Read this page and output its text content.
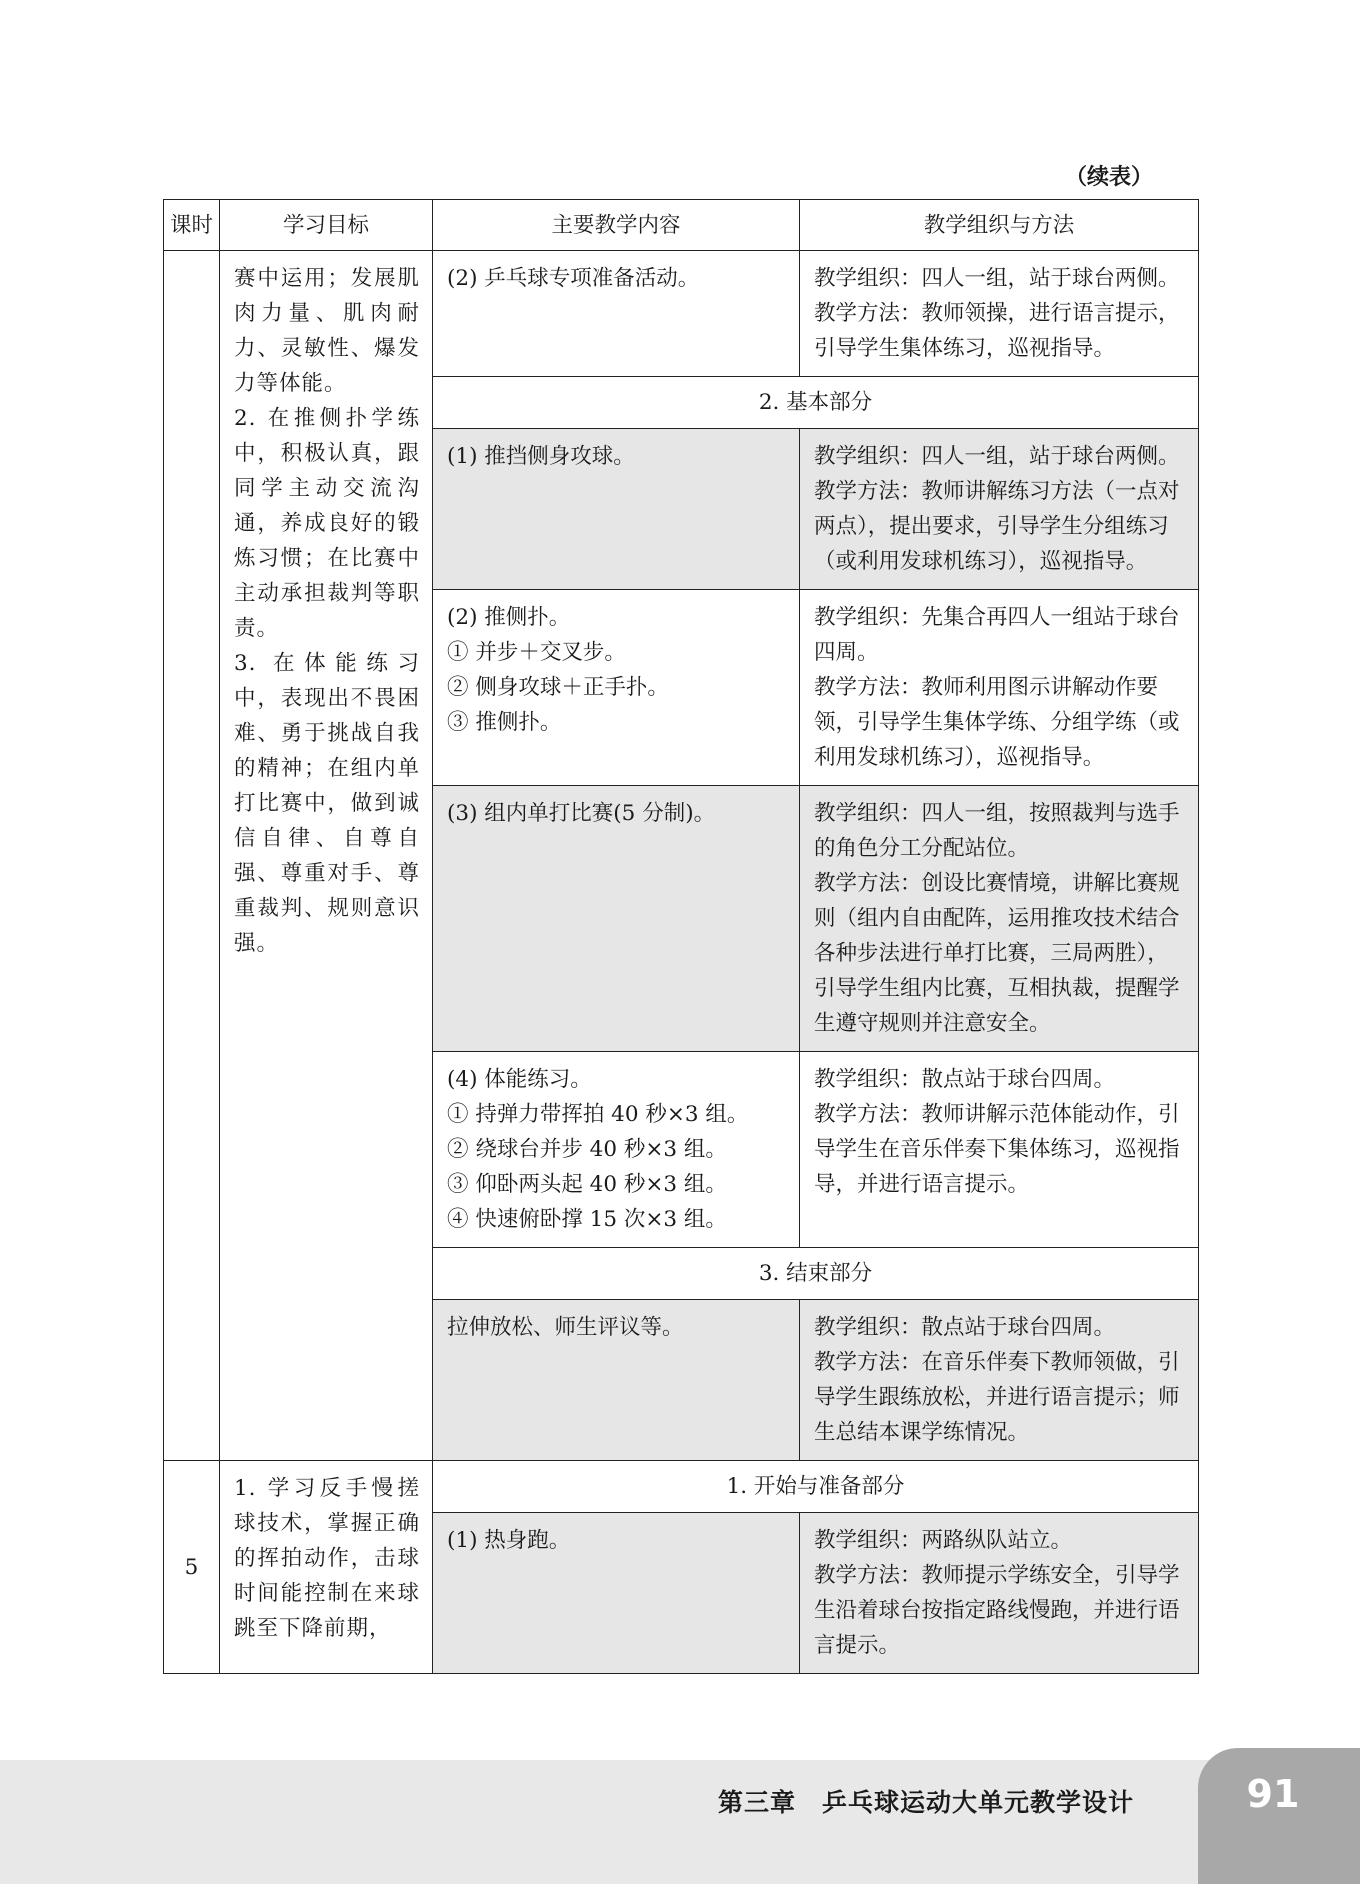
（续表）
课时	学习目标	主要教学内容	教学组织与方法

	赛中运用；发展肌肉力量、肌肉耐力、灵敏性、爆发力等体能。
2. 在推侧扑学练中，积极认真，跟同学主动交流沟通，养成良好的锻炼习惯；在比赛中主动承担裁判等职责。
3. 在体能练习中，表现出不畏困难、勇于挑战自我的精神；在组内单打比赛中，做到诚信自律、自尊自强、尊重对手、尊重裁判、规则意识强。	(2) 乒乓球专项准备活动。	教学组织：四人一组，站于球台两侧。
教学方法：教师领操，进行语言提示，引导学生集体练习，巡视指导。

		2. 基本部分	

		(1) 推挡侧身攻球。	教学组织：四人一组，站于球台两侧。
教学方法：教师讲解练习方法（一点对两点），提出要求，引导学生分组练习（或利用发球机练习），巡视指导。

		(2) 推侧扑。
① 并步＋交叉步。
② 侧身攻球＋正手扑。
③ 推侧扑。	教学组织：先集合再四人一组站于球台四周。
教学方法：教师利用图示讲解动作要领，引导学生集体学练、分组学练（或利用发球机练习），巡视指导。

		(3) 组内单打比赛(5 分制)。	教学组织：四人一组，按照裁判与选手的角色分工分配站位。
教学方法：创设比赛情境，讲解比赛规则（组内自由配阵，运用推攻技术结合各种步法进行单打比赛，三局两胜），引导学生组内比赛，互相执裁，提醒学生遵守规则并注意安全。

		(4) 体能练习。
① 持弹力带挥拍 40 秒×3 组。
② 绕球台并步 40 秒×3 组。
③ 仰卧两头起 40 秒×3 组。
④ 快速俯卧撑 15 次×3 组。	教学组织：散点站于球台四周。
教学方法：教师讲解示范体能动作，引导学生在音乐伴奏下集体练习，巡视指导，并进行语言提示。

		3. 结束部分	

		拉伸放松、师生评议等。	教学组织：散点站于球台四周。
教学方法：在音乐伴奏下教师领做，引导学生跟练放松，并进行语言提示；师生总结本课学练情况。

5	1. 学习反手慢搓球技术，掌握正确的挥拍动作，击球时间能控制在来球跳至下降前期，	1. 开始与准备部分	

		(1) 热身跑。	教学组织：两路纵队站立。
教学方法：教师提示学练安全，引导学生沿着球台按指定路线慢跑，并进行语言提示。
第三章　乒乓球运动大单元教学设计	91
